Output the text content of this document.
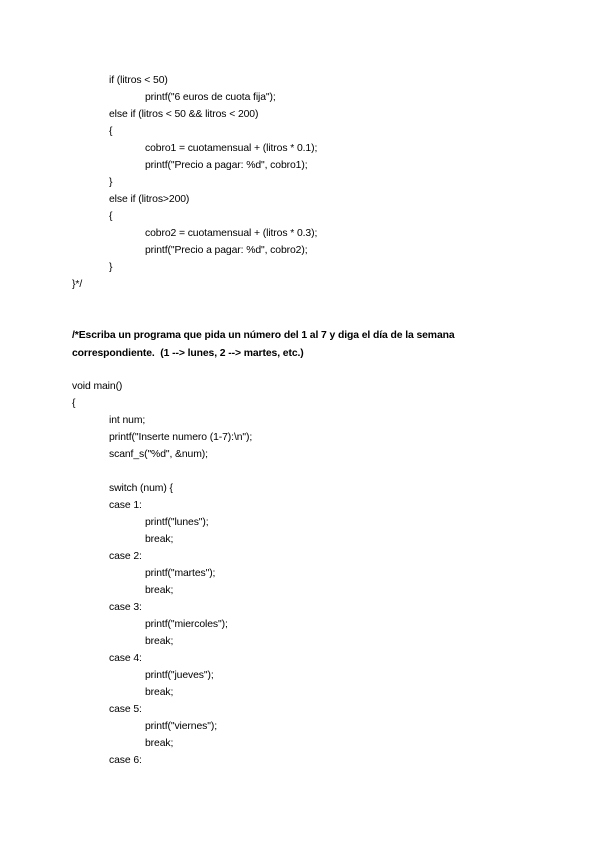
if (litros < 50)
printf("6 euros de cuota fija");
else if (litros < 50 && litros < 200)
{
cobro1 = cuotamensual + (litros * 0.1);
printf("Precio a pagar: %d", cobro1);
}
else if (litros>200)
{
cobro2 = cuotamensual + (litros * 0.3);
printf("Precio a pagar: %d", cobro2);
}
}*/
/*Escriba un programa que pida un número del 1 al 7 y diga el día de la semana
correspondiente.  (1 --> lunes, 2 --> martes, etc.)
void main()
{
int num;
printf("Inserte numero (1-7):\n");
scanf_s("%d", &num);
switch (num) {
case 1:
printf("lunes");
break;
case 2:
printf("martes");
break;
case 3:
printf("miercoles");
break;
case 4:
printf("jueves");
break;
case 5:
printf("viernes");
break;
case 6:
